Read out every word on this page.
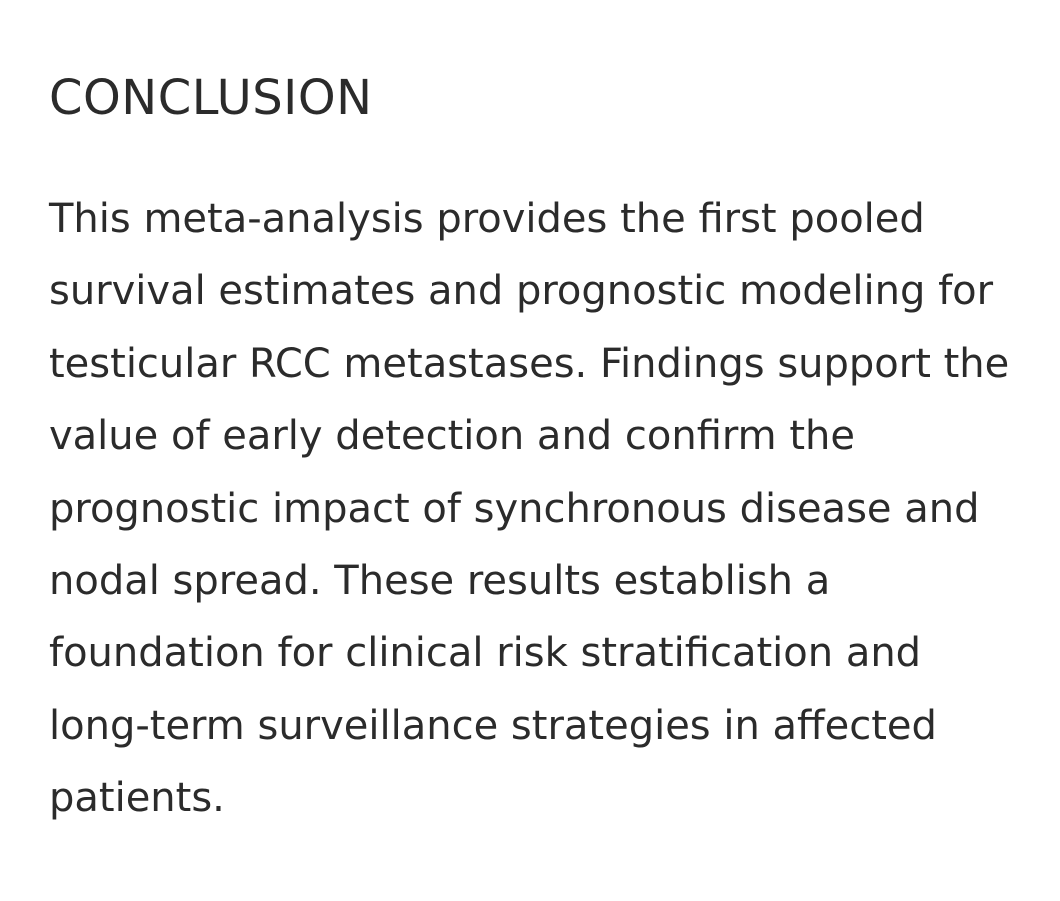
CONCLUSION

This meta-analysis provides the first pooled
survival estimates and prognostic modeling for
testicular RCC metastases. Findings support the
value of early detection and confirm the
prognostic impact of synchronous disease and
nodal spread. These results establish a
foundation for clinical risk stratification and
long-term surveillance strategies in affected
patients.
